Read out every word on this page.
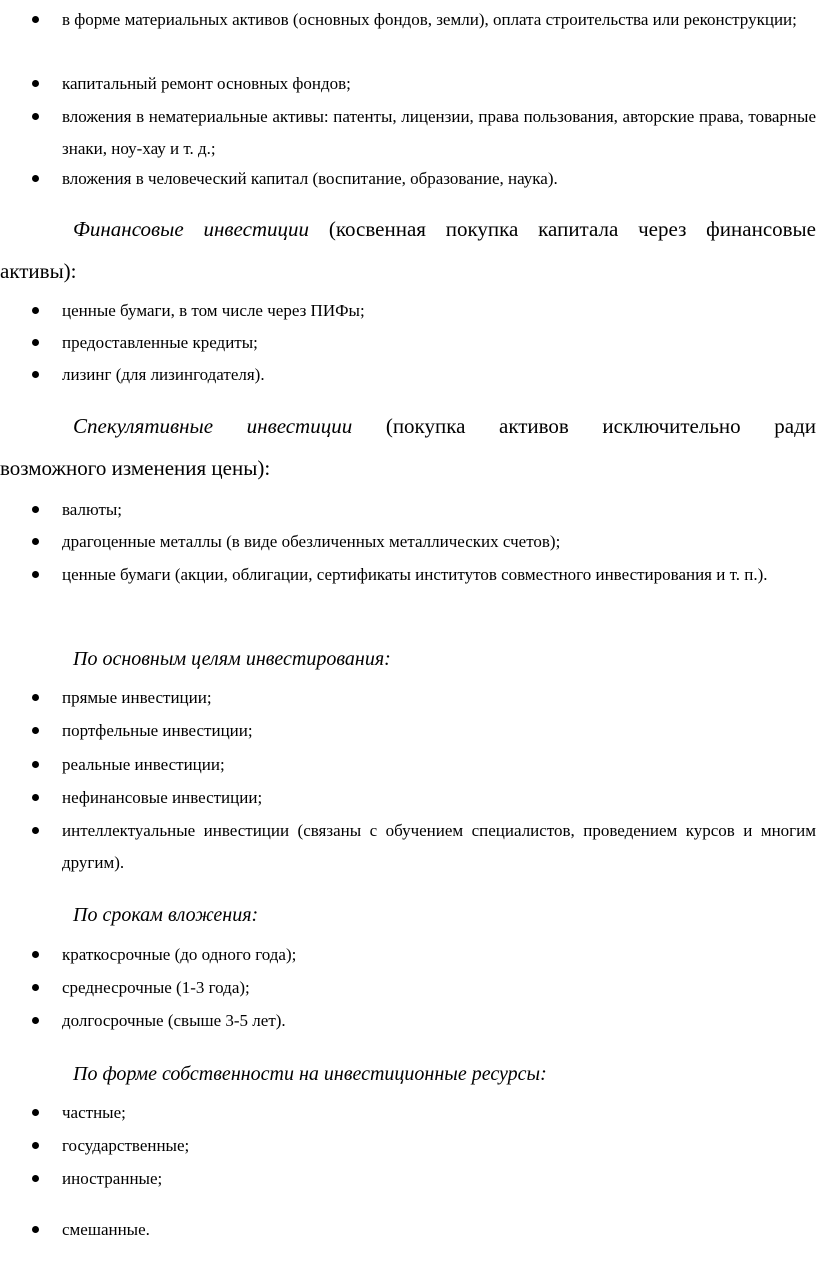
в форме материальных активов (основных фондов, земли), оплата строительства или реконструкции;
капитальный ремонт основных фондов;
вложения в нематериальные активы: патенты, лицензии, права пользования, авторские права, товарные знаки, ноу-хау и т. д.;
вложения в человеческий капитал (воспитание, образование, наука).
Финансовые инвестиции (косвенная покупка капитала через финансовые
активы):
ценные бумаги, в том числе через ПИФы;
предоставленные кредиты;
лизинг (для лизингодателя).
Спекулятивные инвестиции (покупка активов исключительно ради
возможного изменения цены):
валюты;
драгоценные металлы (в виде обезличенных металлических счетов);
ценные бумаги (акции, облигации, сертификаты институтов совместного инвестирования и т. п.).
По основным целям инвестирования:
прямые инвестиции;
портфельные инвестиции;
реальные инвестиции;
нефинансовые инвестиции;
интеллектуальные инвестиции (связаны с обучением специалистов, проведением курсов и многим другим).
По срокам вложения:
краткосрочные (до одного года);
среднесрочные (1-3 года);
долгосрочные (свыше 3-5 лет).
По форме собственности на инвестиционные ресурсы:
частные;
государственные;
иностранные;
смешанные.
